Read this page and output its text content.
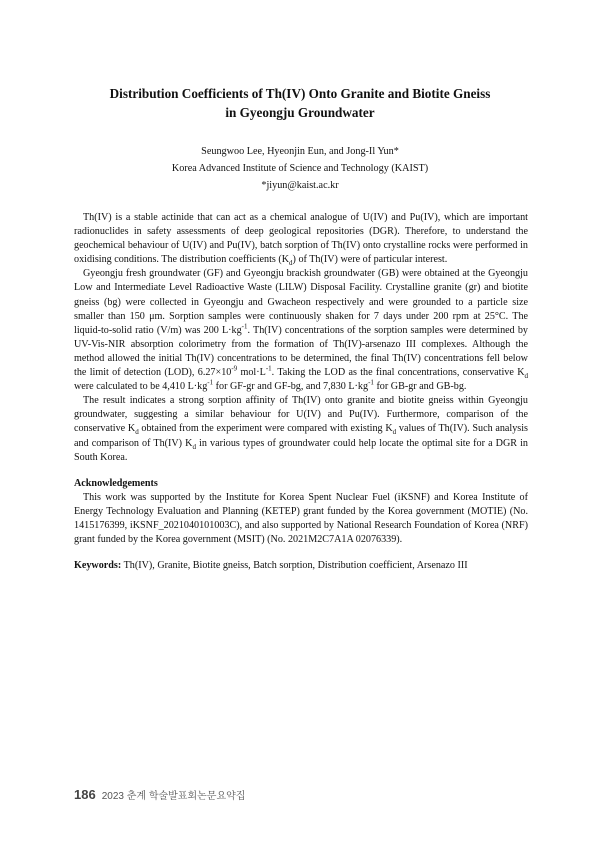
Distribution Coefficients of Th(IV) Onto Granite and Biotite Gneiss
in Gyeongju Groundwater
Seungwoo Lee, Hyeonjin Eun, and Jong-Il Yun*
Korea Advanced Institute of Science and Technology (KAIST)
*jiyun@kaist.ac.kr

Th(IV) is a stable actinide that can act as a chemical analogue of U(IV) and Pu(IV), which are important radionuclides in safety assessments of deep geological repositories (DGR). Therefore, to understand the geochemical behaviour of U(IV) and Pu(IV), batch sorption of Th(IV) onto crystalline rocks were performed in oxidising conditions. The distribution coefficients $(K_d)$ of Th(IV) were of particular interest.

Gyeongju fresh groundwater (GF) and Gyeongju brackish groundwater (GB) were obtained at the Gyeongju Low and Intermediate Level Radioactive Waste (LILW) Disposal Facility. Crystalline granite (gr) and biotite gneiss (bg) were collected in Gyeongju and Gwacheon respectively and were grounded to a particle size smaller than 150 μm. Sorption samples were continuously shaken for 7 days under 200 rpm at 25°C. The liquid-to-solid ratio (V/m) was 200 $L\cdot kg^{-1}$. Th(IV) concentrations of the sorption samples were determined by UV-Vis-NIR absorption colorimetry from the formation of Th(IV)-arsenazo III complexes. Although the method allowed the initial Th(IV) concentrations to be determined, the final Th(IV) concentrations fell below the limit of detection (LOD), $6.27\times 10^{-9}$ $mol\cdot L^{-1}$. Taking the LOD as the final concentrations, conservative $K_d$ were calculated to be 4,410 $L\cdot kg^{-1}$ for GF-gr and GF-bg, and 7,830 $L\cdot kg^{-1}$ for GB-gr and GB-bg.

The result indicates a strong sorption affinity of Th(IV) onto granite and biotite gneiss within Gyeongju groundwater, suggesting a similar behaviour for U(IV) and Pu(IV). Furthermore, comparison of the conservative $K_d$ obtained from the experiment were compared with existing $K_d$ values of Th(IV). Such analysis and comparison of Th(IV) $K_d$ in various types of groundwater could help locate the optimal site for a DGR in South Korea.

Acknowledgements

This work was supported by the Institute for Korea Spent Nuclear Fuel (iKSNF) and Korea Institute of Energy Technology Evaluation and Planning (KETEP) grant funded by the Korea government (MOTIE) (No. 1415176399, iKSNF_2021040101003C), and also supported by National Research Foundation of Korea (NRF) grant funded by the Korea government (MSIT) (No. 2021M2C7A1A 02076339).

Keywords: Th(IV), Granite, Biotite gneiss, Batch sorption, Distribution coefficient, Arsenazo III
186 2023 춘계 학술발표회논문요약집
